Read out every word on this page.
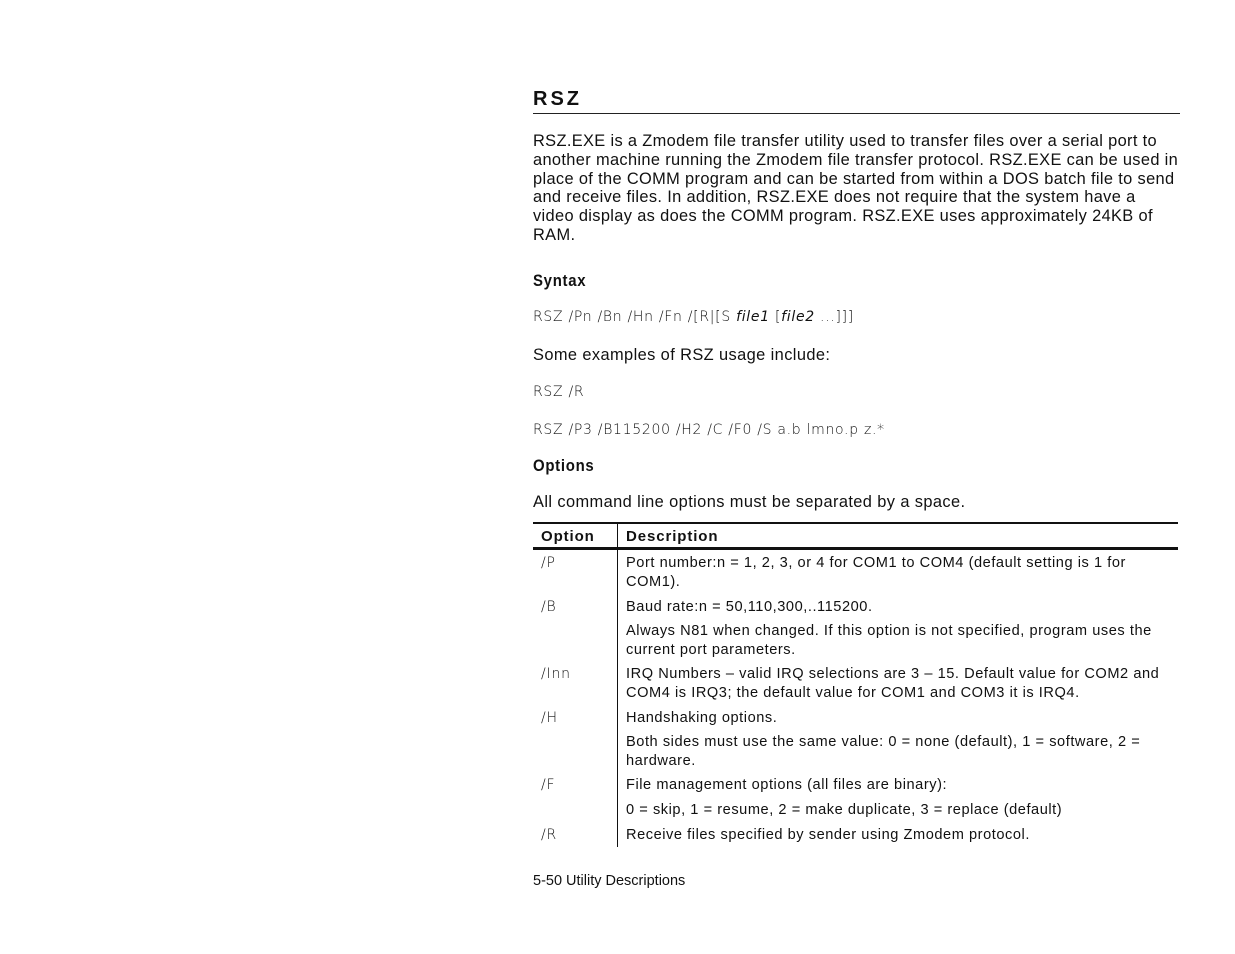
RSZ

RSZ.EXE is a Zmodem file transfer utility used to transfer files over a serial port to another machine running the Zmodem file transfer protocol. RSZ.EXE can be used in place of the COMM program and can be started from within a DOS batch file to send and receive files. In addition, RSZ.EXE does not require that the system have a video display as does the COMM program. RSZ.EXE uses approximately 24KB of RAM.

Syntax

RSZ /Pn /Bn /Hn /Fn /[R|[S file1 [file2 ...]]]

Some examples of RSZ usage include:

RSZ /R

RSZ /P3 /B115200 /H2 /C /F0 /S a.b lmno.p z.*

Options

All command line options must be separated by a space.

Option	Description
/P	Port number:n = 1, 2, 3, or 4 for COM1 to COM4 (default setting is 1 for COM1).
/B	Baud rate:n = 50,110,300,..115200.
	Always N81 when changed. If this option is not specified, program uses the current port parameters.
/Inn	IRQ Numbers – valid IRQ selections are 3 – 15. Default value for COM2 and COM4 is IRQ3; the default value for COM1 and COM3 it is IRQ4.
/H	Handshaking options.
	Both sides must use the same value: 0 = none (default), 1 = software, 2 = hardware.
/F	File management options (all files are binary):
	0 = skip, 1 = resume, 2 = make duplicate, 3 = replace (default)
/R	Receive files specified by sender using Zmodem protocol.
5-50 Utility Descriptions
